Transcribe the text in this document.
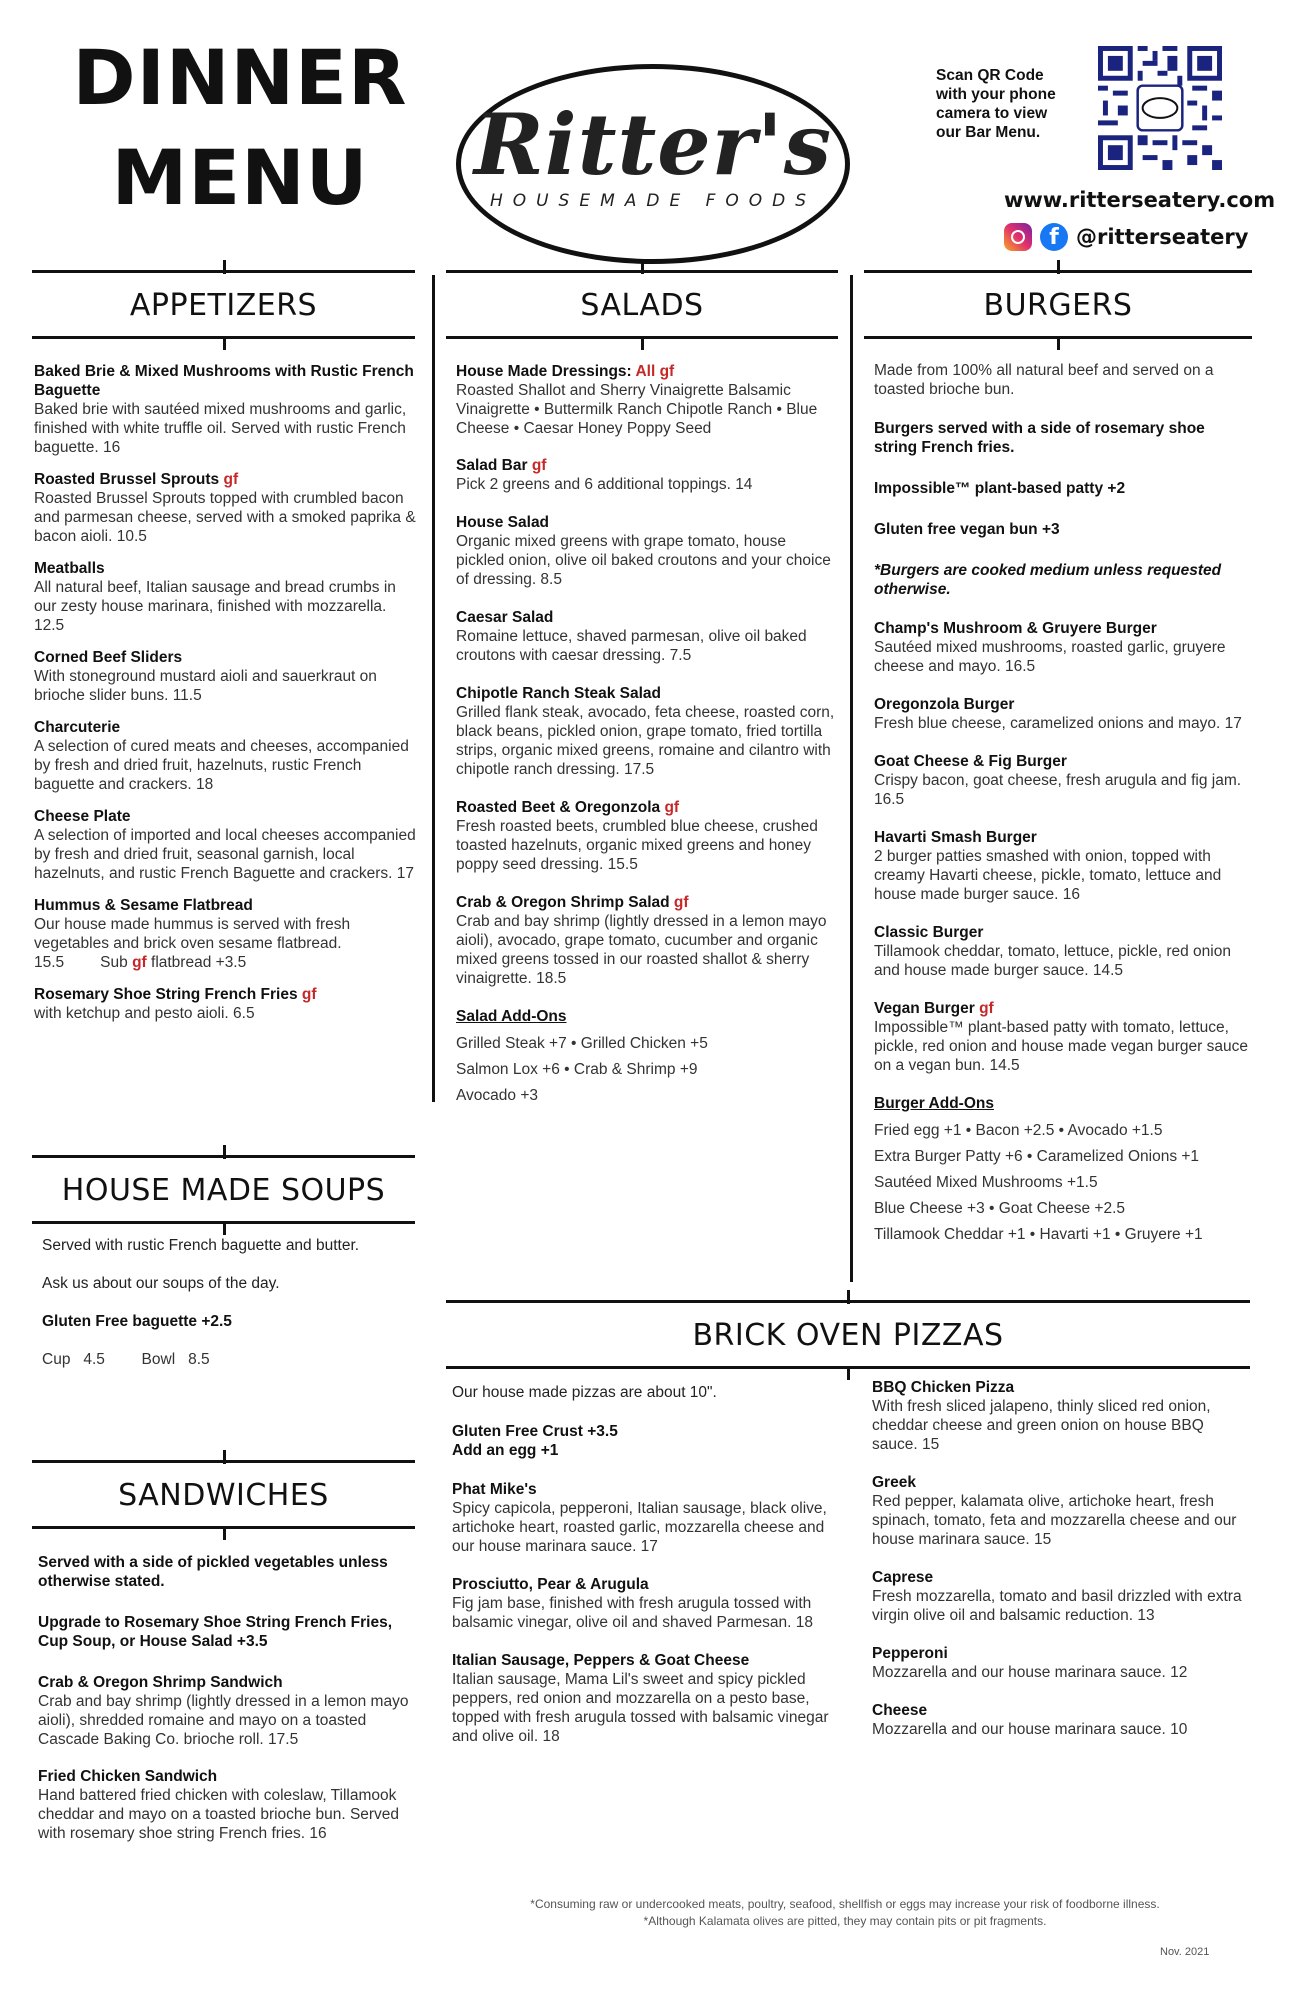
DINNER
MENU	Ritter's
HOUSEMADE FOODS
Scan QR Code with your phone camera to view our Bar Menu.
www.ritterseatery.com
f @ritterseatery
APPETIZERS
Baked Brie & Mixed Mushrooms with Rustic French Baguette
Baked brie with sautéed mixed mushrooms and garlic, finished with white truffle oil. Served with rustic French baguette. 16
Roasted Brussel Sprouts gf
Roasted Brussel Sprouts topped with crumbled bacon and parmesan cheese, served with a smoked paprika & bacon aioli. 10.5
Meatballs
All natural beef, Italian sausage and bread crumbs in our zesty house marinara, finished with mozzarella. 12.5
Corned Beef Sliders
With stoneground mustard aioli and sauerkraut on brioche slider buns. 11.5
Charcuterie
A selection of cured meats and cheeses, accompanied by fresh and dried fruit, hazelnuts, rustic French baguette and crackers. 18
Cheese Plate
A selection of imported and local cheeses accompanied by fresh and dried fruit, seasonal garnish, local hazelnuts, and rustic French Baguette and crackers. 17
Hummus & Sesame Flatbread
Our house made hummus is served with fresh vegetables and brick oven sesame flatbread.
15.5 Sub gf flatbread +3.5
Rosemary Shoe String French Fries gf
with ketchup and pesto aioli. 6.5
HOUSE MADE SOUPS
Served with rustic French baguette and butter.
Ask us about our soups of the day.
Gluten Free baguette +2.5
Cup 4.5 Bowl 8.5
SANDWICHES
Served with a side of pickled vegetables unless otherwise stated.
Upgrade to Rosemary Shoe String French Fries, Cup Soup, or House Salad +3.5
Crab & Oregon Shrimp Sandwich
Crab and bay shrimp (lightly dressed in a lemon mayo aioli), shredded romaine and mayo on a toasted Cascade Baking Co. brioche roll. 17.5
Fried Chicken Sandwich
Hand battered fried chicken with coleslaw, Tillamook cheddar and mayo on a toasted brioche bun. Served with rosemary shoe string French fries. 16
SALADS
House Made Dressings: All gf
Roasted Shallot and Sherry Vinaigrette Balsamic Vinaigrette • Buttermilk Ranch Chipotle Ranch • Blue Cheese • Caesar Honey Poppy Seed
Salad Bar gf
Pick 2 greens and 6 additional toppings. 14
House Salad
Organic mixed greens with grape tomato, house pickled onion, olive oil baked croutons and your choice of dressing. 8.5
Caesar Salad
Romaine lettuce, shaved parmesan, olive oil baked croutons with caesar dressing. 7.5
Chipotle Ranch Steak Salad
Grilled flank steak, avocado, feta cheese, roasted corn, black beans, pickled onion, grape tomato, fried tortilla strips, organic mixed greens, romaine and cilantro with chipotle ranch dressing. 17.5
Roasted Beet & Oregonzola gf
Fresh roasted beets, crumbled blue cheese, crushed toasted hazelnuts, organic mixed greens and honey poppy seed dressing. 15.5
Crab & Oregon Shrimp Salad gf
Crab and bay shrimp (lightly dressed in a lemon mayo aioli), avocado, grape tomato, cucumber and organic mixed greens tossed in our roasted shallot & sherry vinaigrette. 18.5
Salad Add-Ons
Grilled Steak +7 • Grilled Chicken +5
Salmon Lox +6 • Crab & Shrimp +9
Avocado +3
BURGERS
Made from 100% all natural beef and served on a toasted brioche bun.
Burgers served with a side of rosemary shoe string French fries.
Impossible™ plant-based patty +2
Gluten free vegan bun +3
*Burgers are cooked medium unless requested otherwise.
Champ's Mushroom & Gruyere Burger
Sautéed mixed mushrooms, roasted garlic, gruyere cheese and mayo. 16.5
Oregonzola Burger
Fresh blue cheese, caramelized onions and mayo. 17
Goat Cheese & Fig Burger
Crispy bacon, goat cheese, fresh arugula and fig jam. 16.5
Havarti Smash Burger
2 burger patties smashed with onion, topped with creamy Havarti cheese, pickle, tomato, lettuce and house made burger sauce. 16
Classic Burger
Tillamook cheddar, tomato, lettuce, pickle, red onion and house made burger sauce. 14.5
Vegan Burger gf
Impossible™ plant-based patty with tomato, lettuce, pickle, red onion and house made vegan burger sauce on a vegan bun. 14.5
Burger Add-Ons
Fried egg +1 • Bacon +2.5 • Avocado +1.5
Extra Burger Patty +6 • Caramelized Onions +1
Sautéed Mixed Mushrooms +1.5
Blue Cheese +3 • Goat Cheese +2.5
Tillamook Cheddar +1 • Havarti +1 • Gruyere +1
BRICK OVEN PIZZAS
Our house made pizzas are about 10".
Gluten Free Crust +3.5
Add an egg +1
Phat Mike's
Spicy capicola, pepperoni, Italian sausage, black olive, artichoke heart, roasted garlic, mozzarella cheese and our house marinara sauce. 17
Prosciutto, Pear & Arugula
Fig jam base, finished with fresh arugula tossed with balsamic vinegar, olive oil and shaved Parmesan. 18
Italian Sausage, Peppers & Goat Cheese
Italian sausage, Mama Lil's sweet and spicy pickled peppers, red onion and mozzarella on a pesto base, topped with fresh arugula tossed with balsamic vinegar and olive oil. 18
BBQ Chicken Pizza
With fresh sliced jalapeno, thinly sliced red onion, cheddar cheese and green onion on house BBQ sauce. 15
Greek
Red pepper, kalamata olive, artichoke heart, fresh spinach, tomato, feta and mozzarella cheese and our house marinara sauce. 15
Caprese
Fresh mozzarella, tomato and basil drizzled with extra virgin olive oil and balsamic reduction. 13
Pepperoni
Mozzarella and our house marinara sauce. 12
Cheese
Mozzarella and our house marinara sauce. 10
*Consuming raw or undercooked meats, poultry, seafood, shellfish or eggs may increase your risk of foodborne illness.
*Although Kalamata olives are pitted, they may contain pits or pit fragments.
Nov. 2021
